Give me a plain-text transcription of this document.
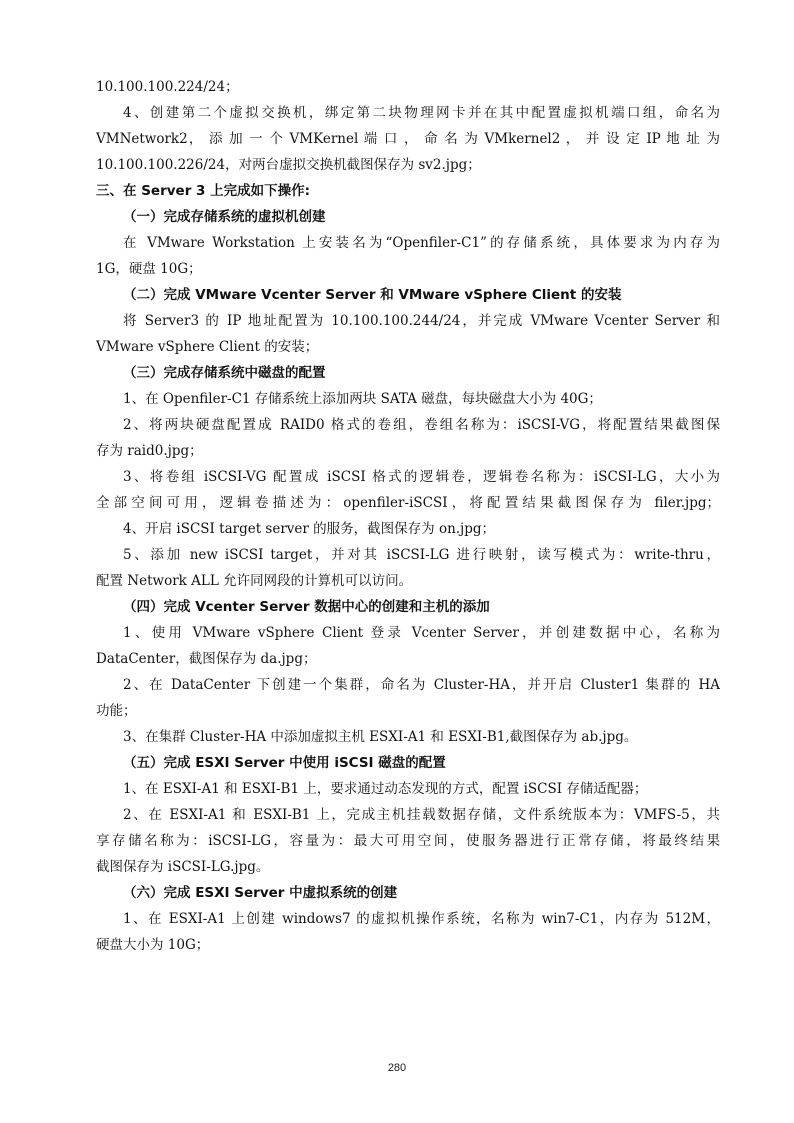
10.100.100.224/24；
4、创建第二个虚拟交换机，绑定第二块物理网卡并在其中配置虚拟机端口组，命名为
VMNetwork2， 添 加 一 个 VMKernel 端 口 ， 命 名 为 VMkernel2 ， 并 设 定 IP 地 址 为
10.100.100.226/24，对两台虚拟交换机截图保存为 sv2.jpg；
三、在 Server 3 上完成如下操作:
（一）完成存储系统的虚拟机创建
在 VMware Workstation 上安装名为“Openfiler-C1”的存储系统，具体要求为内存为
1G，硬盘 10G；
（二）完成 VMware Vcenter Server 和 VMware vSphere Client 的安装
将 Server3 的 IP 地址配置为 10.100.100.244/24，并完成 VMware Vcenter Server 和
VMware vSphere Client 的安装；
（三）完成存储系统中磁盘的配置
1、在 Openfiler-C1 存储系统上添加两块 SATA 磁盘，每块磁盘大小为 40G；
2、将两块硬盘配置成 RAID0 格式的卷组，卷组名称为：iSCSI-VG，将配置结果截图保
存为 raid0.jpg；
3、将卷组 iSCSI-VG 配置成 iSCSI 格式的逻辑卷，逻辑卷名称为：iSCSI-LG，大小为
全部空间可用，逻辑卷描述为：openfiler-iSCSI，将配置结果截图保存为 filer.jpg；
4、开启 iSCSI target server 的服务，截图保存为 on.jpg；
5、添加 new iSCSI target，并对其 iSCSI-LG 进行映射，读写模式为：write-thru，
配置 Network ALL 允许同网段的计算机可以访问。
（四）完成 Vcenter Server 数据中心的创建和主机的添加
1、使用 VMware vSphere Client 登录 Vcenter Server，并创建数据中心，名称为
DataCenter，截图保存为 da.jpg；
2、在 DataCenter 下创建一个集群，命名为 Cluster-HA，并开启 Cluster1 集群的 HA
功能；
3、在集群 Cluster-HA 中添加虚拟主机 ESXI-A1 和 ESXI-B1,截图保存为 ab.jpg。
（五）完成 ESXI Server 中使用 iSCSI 磁盘的配置
1、在 ESXI-A1 和 ESXI-B1 上，要求通过动态发现的方式，配置 iSCSI 存储适配器；
2、在 ESXI-A1 和 ESXI-B1 上，完成主机挂载数据存储，文件系统版本为：VMFS-5，共
享存储名称为：iSCSI-LG，容量为：最大可用空间，使服务器进行正常存储，将最终结果
截图保存为 iSCSI-LG.jpg。
（六）完成 ESXI Server 中虚拟系统的创建
1、在 ESXI-A1 上创建 windows7 的虚拟机操作系统，名称为 win7-C1，内存为 512M，
硬盘大小为 10G；
280
